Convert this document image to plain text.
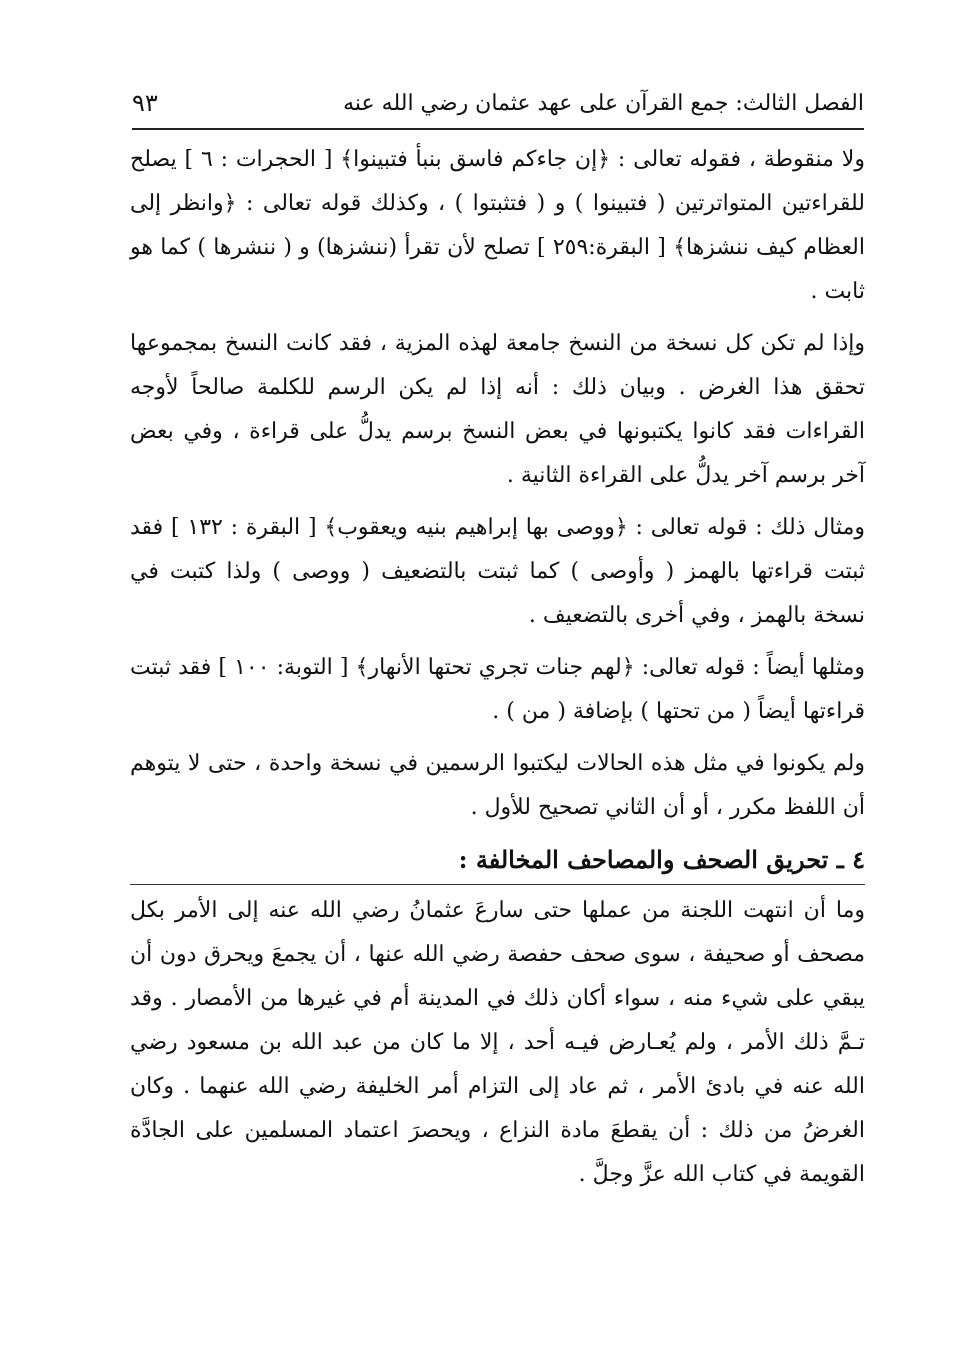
الفصل الثالث: جمع القرآن على عهد عثمان رضي الله عنه
٩٣

ولا منقوطة ، فقوله تعالى : ﴿إن جاءكم فاسق بنبأ فتبينوا﴾ [ الحجرات : ٦ ] يصلح للقراءتين المتواترتين ( فتبينوا ) و ( فتثبتوا ) ، وكذلك قوله تعالى : ﴿وانظر إلى العظام كيف ننشزها﴾ [ البقرة:٢٥٩ ] تصلح لأن تقرأ (ننشزها) و ( ننشرها ) كما هو ثابت .

وإذا لم تكن كل نسخة من النسخ جامعة لهذه المزية ، فقد كانت النسخ بمجموعها تحقق هذا الغرض . وبيان ذلك : أنه إذا لم يكن الرسم للكلمة صالحاً لأوجه القراءات فقد كانوا يكتبونها في بعض النسخ برسم يدلُّ على قراءة ، وفي بعض آخر برسم آخر يدلُّ على القراءة الثانية .

ومثال ذلك : قوله تعالى : ﴿ووصى بها إبراهيم بنيه ويعقوب﴾ [ البقرة : ١٣٢ ] فقد ثبتت قراءتها بالهمز ( وأوصى ) كما ثبتت بالتضعيف ( ووصى ) ولذا كتبت في نسخة بالهمز ، وفي أخرى بالتضعيف .

ومثلها أيضاً : قوله تعالى: ﴿لهم جنات تجري تحتها الأنهار﴾ [ التوبة: ١٠٠ ] فقد ثبتت قراءتها أيضاً ( من تحتها ) بإضافة ( من ) .

ولم يكونوا في مثل هذه الحالات ليكتبوا الرسمين في نسخة واحدة ، حتى لا يتوهم أن اللفظ مكرر ، أو أن الثاني تصحيح للأول .

٤ ـ تحريق الصحف والمصاحف المخالفة :

وما أن انتهت اللجنة من عملها حتى سارعَ عثمانُ رضي الله عنه إلى الأمر بكل مصحف أو صحيفة ، سوى صحف حفصة رضي الله عنها ، أن يجمعَ ويحرق دون أن يبقي على شيء منه ، سواء أكان ذلك في المدينة أم في غيرها من الأمصار . وقد تـمَّ ذلك الأمر ، ولم يُعـارض فيـه أحد ، إلا ما كان من عبد الله بن مسعود رضي الله عنه في بادئ الأمر ، ثم عاد إلى التزام أمر الخليفة رضي الله عنهما . وكان الغرضُ من ذلك : أن يقطعَ مادة النزاع ، ويحصرَ اعتماد المسلمين على الجادَّة القويمة في كتاب الله عزَّ وجلَّ .
